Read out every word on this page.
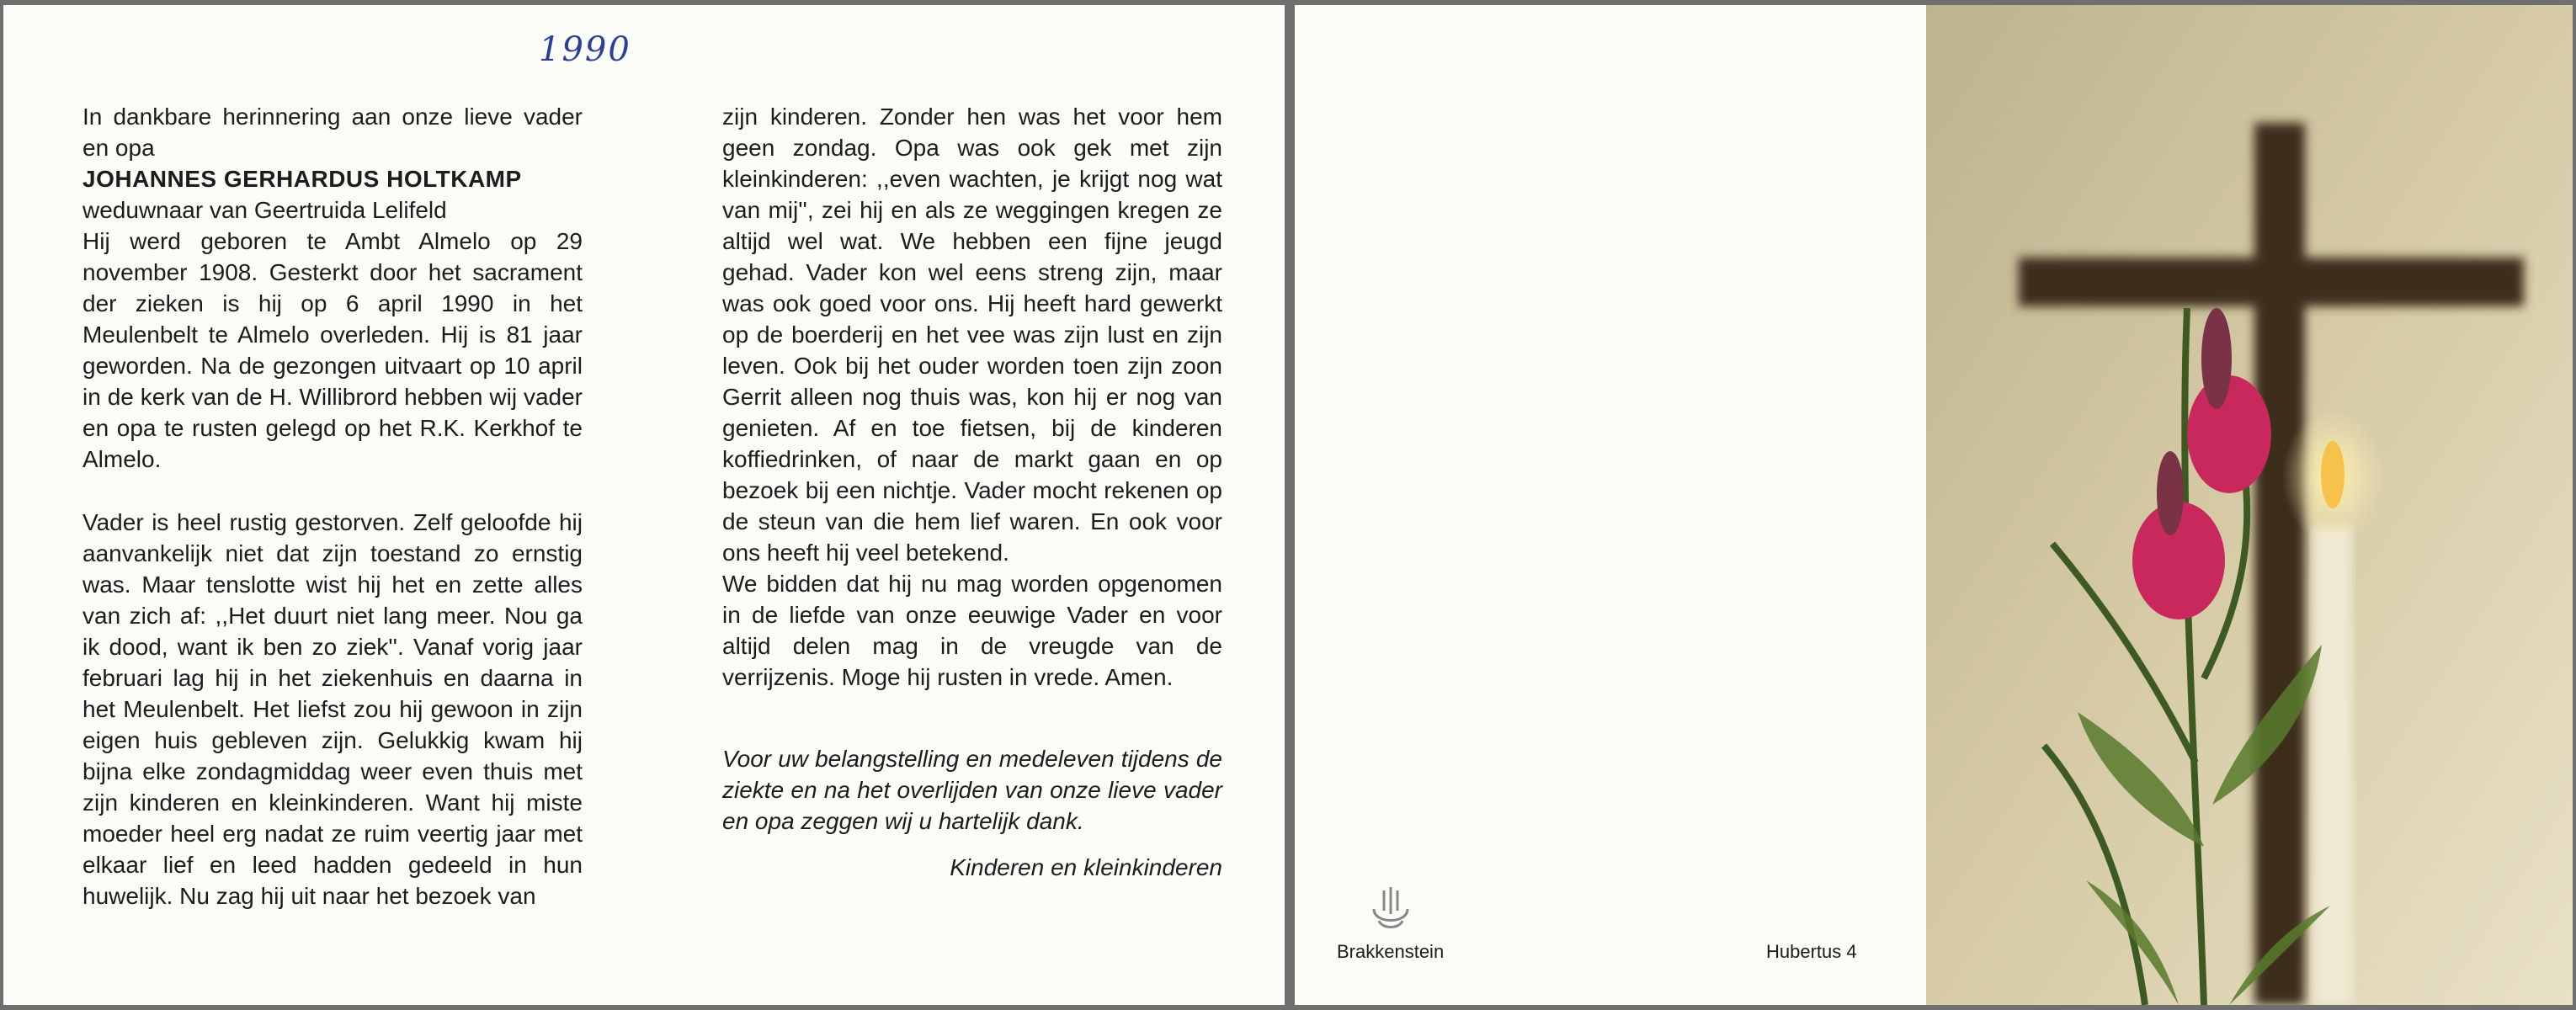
1990

In dankbare herinnering aan onze lieve vader en opa

JOHANNES GERHARDUS HOLTKAMP

weduwnaar van Geertruida Lelifeld

Hij werd geboren te Ambt Almelo op 29 november 1908. Gesterkt door het sacrament der zieken is hij op 6 april 1990 in het Meulenbelt te Almelo overleden. Hij is 81 jaar geworden. Na de gezongen uitvaart op 10 april in de kerk van de H. Willibrord hebben wij vader en opa te rusten gelegd op het R.K. Kerkhof te Almelo.

Vader is heel rustig gestorven. Zelf geloofde hij aanvankelijk niet dat zijn toestand zo ernstig was. Maar tenslotte wist hij het en zette alles van zich af: ,,Het duurt niet lang meer. Nou ga ik dood, want ik ben zo ziek''. Vanaf vorig jaar februari lag hij in het ziekenhuis en daarna in het Meulenbelt. Het liefst zou hij gewoon in zijn eigen huis gebleven zijn. Gelukkig kwam hij bijna elke zondagmiddag weer even thuis met zijn kinderen en kleinkinderen. Want hij miste moeder heel erg nadat ze ruim veertig jaar met elkaar lief en leed hadden gedeeld in hun huwelijk. Nu zag hij uit naar het bezoek van

zijn kinderen. Zonder hen was het voor hem geen zondag. Opa was ook gek met zijn kleinkinderen: ,,even wachten, je krijgt nog wat van mij'', zei hij en als ze weggingen kregen ze altijd wel wat. We hebben een fijne jeugd gehad. Vader kon wel eens streng zijn, maar was ook goed voor ons. Hij heeft hard gewerkt op de boerderij en het vee was zijn lust en zijn leven. Ook bij het ouder worden toen zijn zoon Gerrit alleen nog thuis was, kon hij er nog van genieten. Af en toe fietsen, bij de kinderen koffiedrinken, of naar de markt gaan en op bezoek bij een nichtje. Vader mocht rekenen op de steun van die hem lief waren. En ook voor ons heeft hij veel betekend.

We bidden dat hij nu mag worden opgenomen in de liefde van onze eeuwige Vader en voor altijd delen mag in de vreugde van de verrijzenis. Moge hij rusten in vrede. Amen.

Voor uw belangstelling en medeleven tijdens de ziekte en na het overlijden van onze lieve vader en opa zeggen wij u hartelijk dank.

Kinderen en kleinkinderen

Brakkenstein	Hubertus 4
